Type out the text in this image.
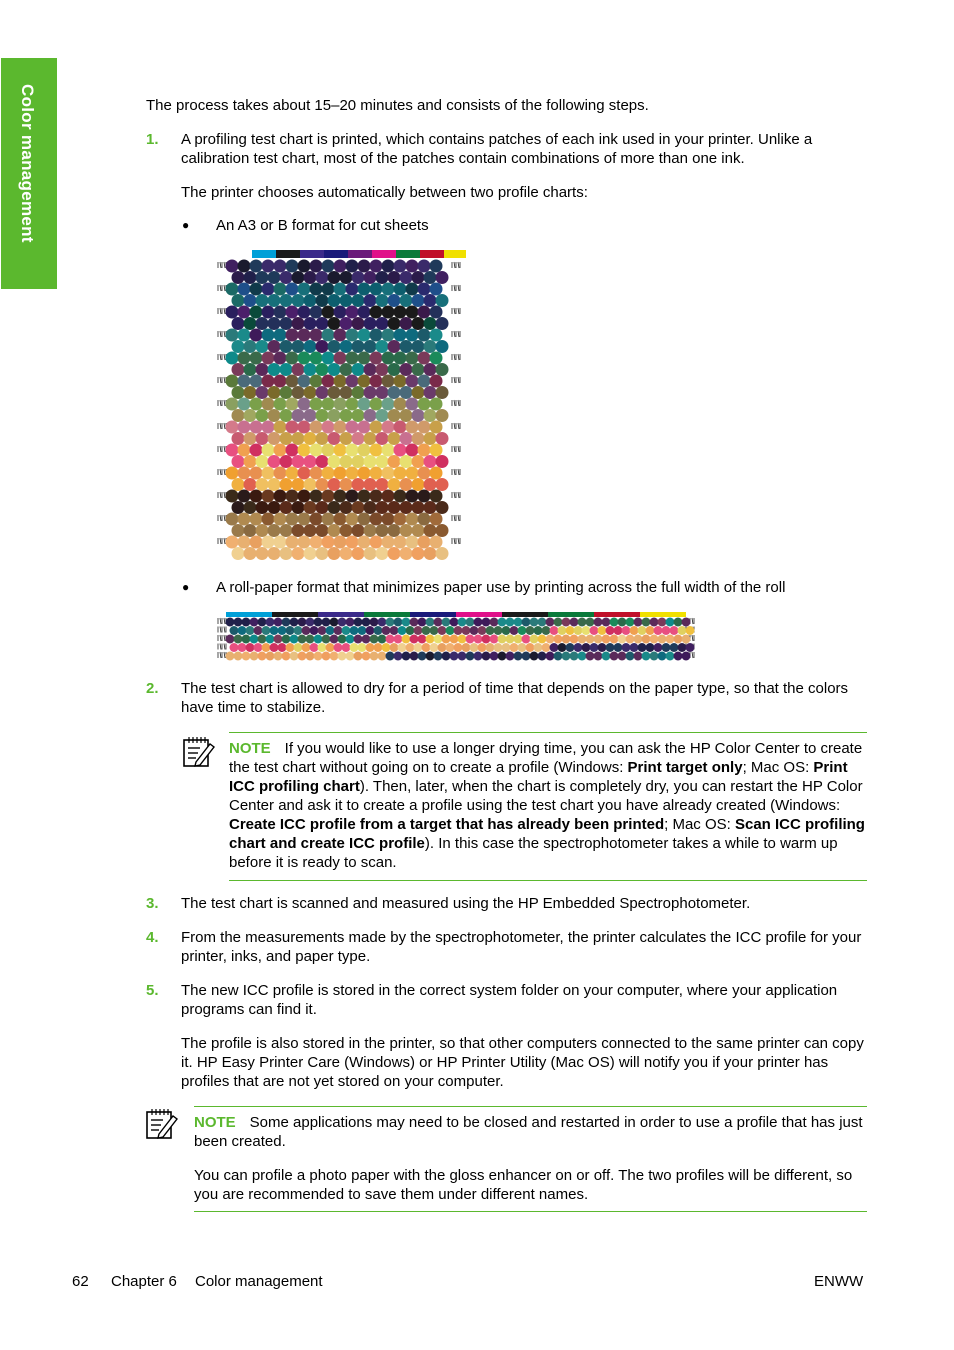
Color management	The process takes about 15–20 minutes and consists of the following steps.

1. A profiling test chart is printed, which contains patches of each ink used in your printer. Unlike a calibration test chart, most of the patches contain combinations of more than one ink.

The printer chooses automatically between two profile charts:

● An A3 or B format for cut sheets

● A roll-paper format that minimizes paper use by printing across the full width of the roll

2. The test chart is allowed to dry for a period of time that depends on the paper type, so that the colors have time to stabilize.

NOTE If you would like to use a longer drying time, you can ask the HP Color Center to create the test chart without going on to create a profile (Windows: Print target only; Mac OS: Print ICC profiling chart). Then, later, when the chart is completely dry, you can restart the HP Color Center and ask it to create a profile using the test chart you have already created (Windows: Create ICC profile from a target that has already been printed; Mac OS: Scan ICC profiling chart and create ICC profile). In this case the spectrophotometer takes a while to warm up before it is ready to scan.

3. The test chart is scanned and measured using the HP Embedded Spectrophotometer.

4. From the measurements made by the spectrophotometer, the printer calculates the ICC profile for your printer, inks, and paper type.

5. The new ICC profile is stored in the correct system folder on your computer, where your application programs can find it.

The profile is also stored in the printer, so that other computers connected to the same printer can copy it. HP Easy Printer Care (Windows) or HP Printer Utility (Mac OS) will notify you if your printer has profiles that are not yet stored on your computer.

NOTE Some applications may need to be closed and restarted in order to use a profile that has just been created.

You can profile a photo paper with the gloss enhancer on or off. The two profiles will be different, so you are recommended to save them under different names.

62 Chapter 6 Color management	ENWW
